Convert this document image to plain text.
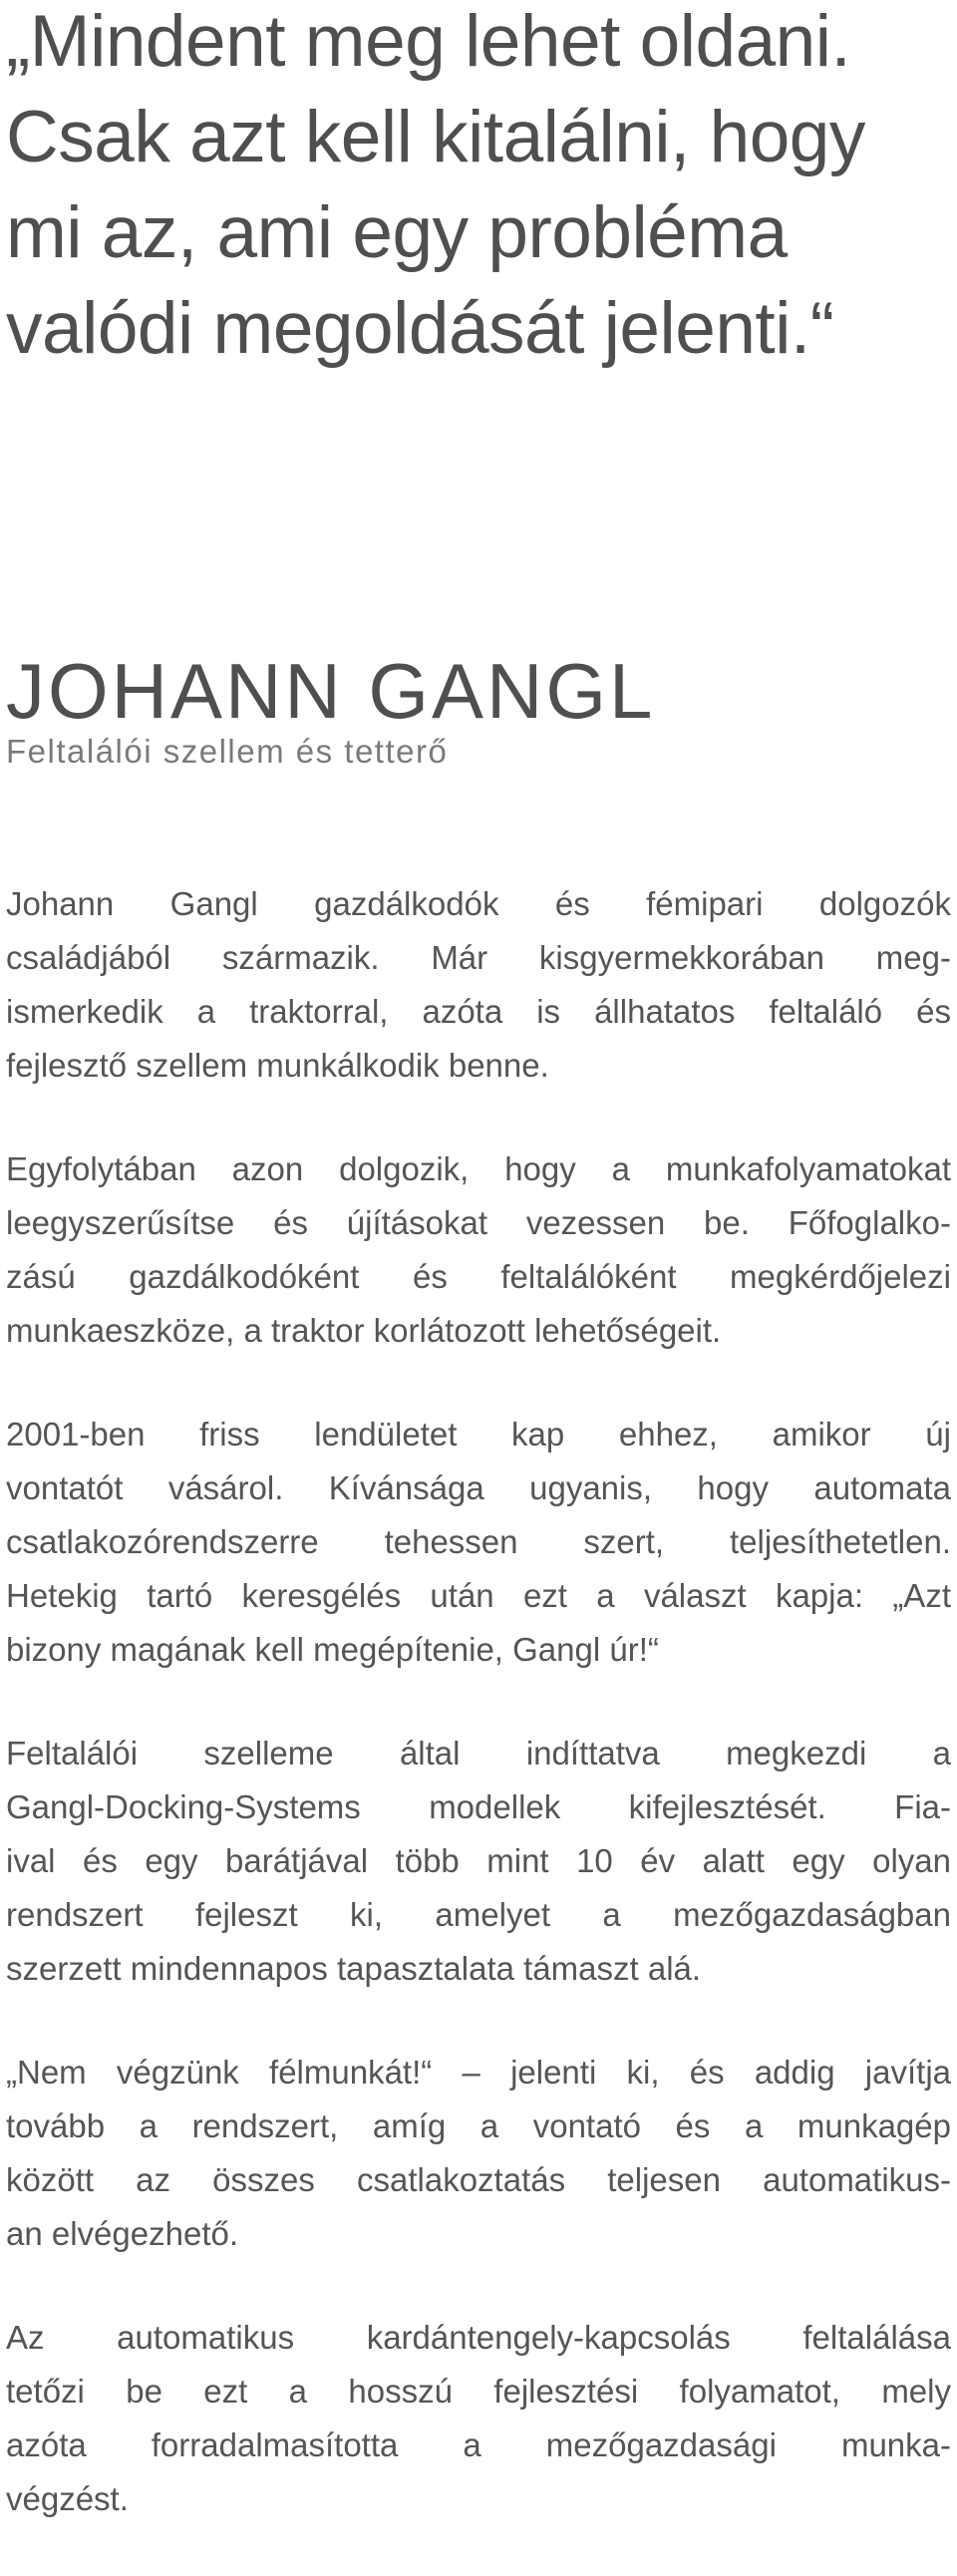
„Mindent meg lehet oldani.
Csak azt kell kitalálni, hogy
mi az, ami egy probléma
valódi megoldását jelenti.“
JOHANN GANGL

Feltalálói szellem és tetterő

Johann Gangl gazdálkodók és fémipari dolgozók
családjából származik. Már kisgyermekkorában meg-
ismerkedik a traktorral, azóta is állhatatos feltaláló és
fejlesztő szellem munkálkodik benne.

Egyfolytában azon dolgozik, hogy a munkafolyamatokat
leegyszerűsítse és újításokat vezessen be. Főfoglalko-
zású gazdálkodóként és feltalálóként megkérdőjelezi
munkaeszköze, a traktor korlátozott lehetőségeit.

2001-ben friss lendületet kap ehhez, amikor új
vontatót vásárol. Kívánsága ugyanis, hogy automata
csatlakozórendszerre tehessen szert, teljesíthetetlen.
Hetekig tartó keresgélés után ezt a választ kapja: „Azt
bizony magának kell megépítenie, Gangl úr!“

Feltalálói szelleme által indíttatva megkezdi a
Gangl-Docking-Systems modellek kifejlesztését. Fia-
ival és egy barátjával több mint 10 év alatt egy olyan
rendszert fejleszt ki, amelyet a mezőgazdaságban
szerzett mindennapos tapasztalata támaszt alá.

„Nem végzünk félmunkát!“ – jelenti ki, és addig javítja
tovább a rendszert, amíg a vontató és a munkagép
között az összes csatlakoztatás teljesen automatikus-
an elvégezhető.

Az automatikus kardántengely-kapcsolás feltalálása
tetőzi be ezt a hosszú fejlesztési folyamatot, mely
azóta forradalmasította a mezőgazdasági munka-
végzést.
